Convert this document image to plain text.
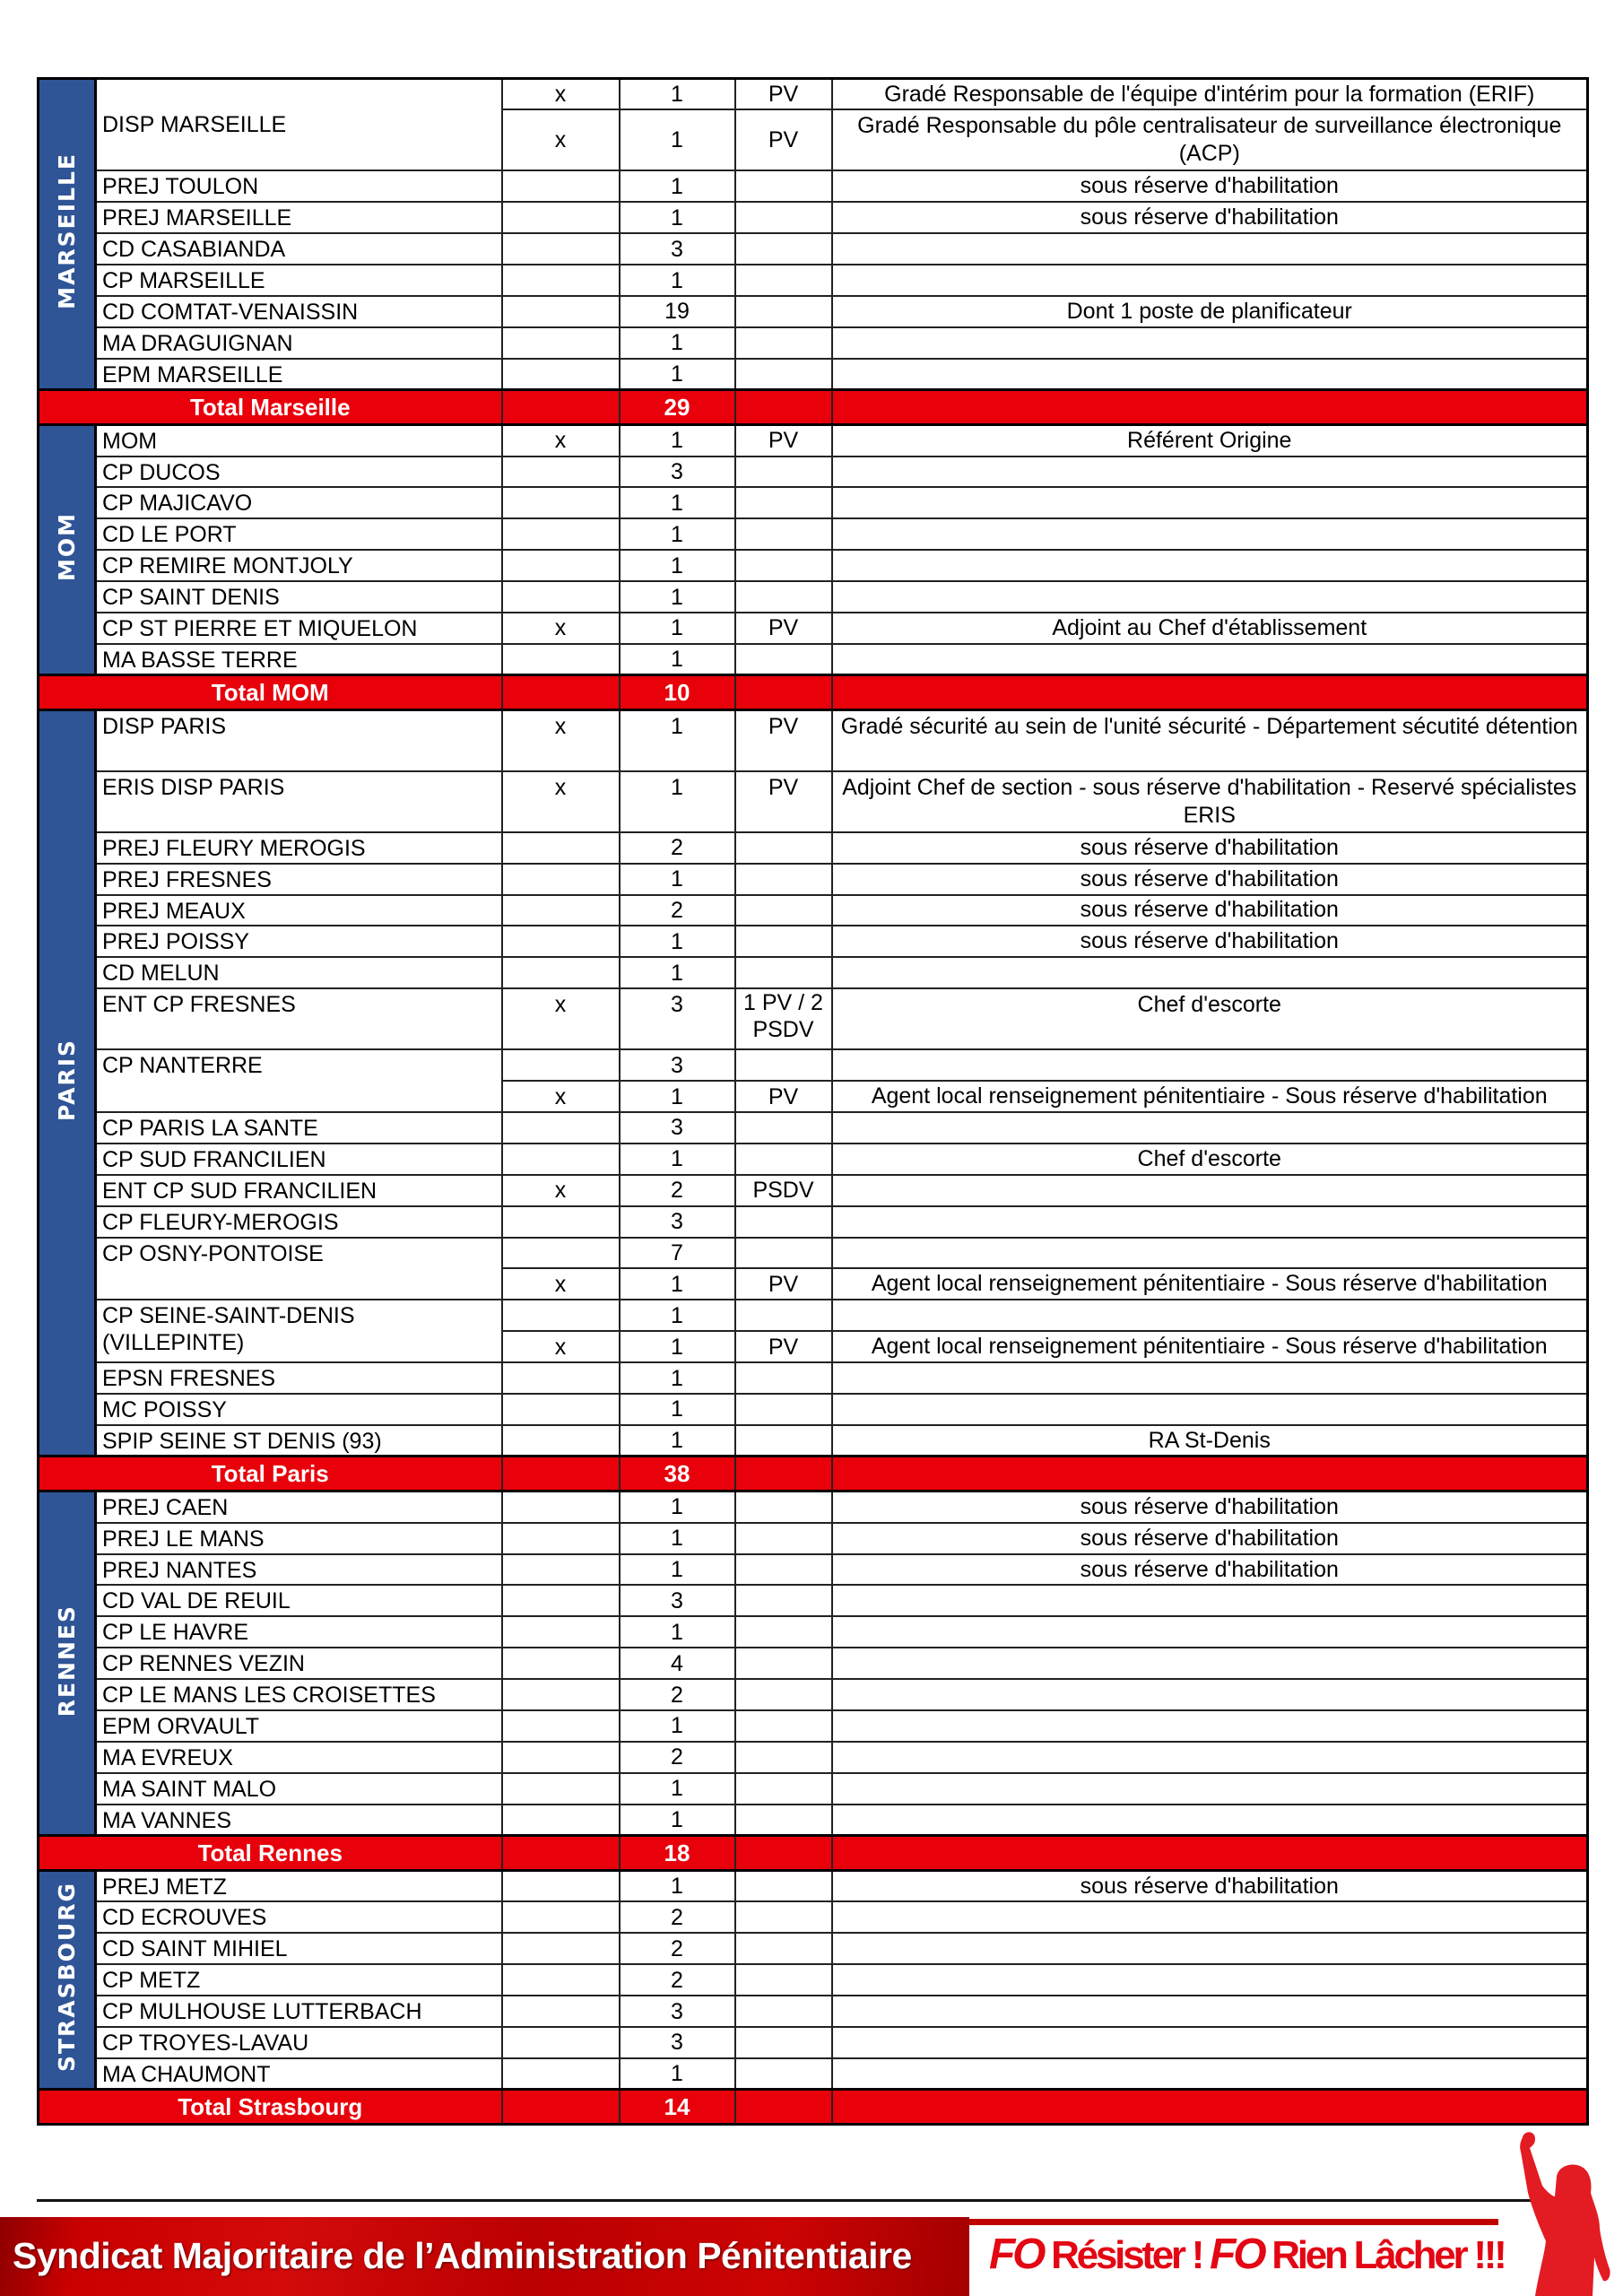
MARSEILLE	DISP MARSEILLE	x	1	PV	Gradé Responsable de l'équipe d'intérim pour la formation (ERIF)
		x	1	PV	Gradé Responsable du pôle centralisateur de surveillance électronique (ACP)
	PREJ TOULON		1		sous réserve d'habilitation
	PREJ MARSEILLE		1		sous réserve d'habilitation
	CD CASABIANDA		3		
	CP MARSEILLE		1		
	CD COMTAT-VENAISSIN		19		Dont 1 poste de planificateur
	MA DRAGUIGNAN		1		
	EPM MARSEILLE		1		
Total Marseille			29		
MOM	MOM	x	1	PV	Référent Origine
	CP DUCOS		3		
	CP MAJICAVO		1		
	CD LE PORT		1		
	CP REMIRE MONTJOLY		1		
	CP SAINT DENIS		1		
	CP ST PIERRE ET MIQUELON	x	1	PV	Adjoint au Chef d'établissement
	MA BASSE TERRE		1		
Total MOM			10		
PARIS	DISP PARIS	x	1	PV	Gradé sécurité au sein de l'unité sécurité - Département sécutité détention
	ERIS DISP PARIS	x	1	PV	Adjoint Chef de section - sous réserve d'habilitation - Reservé spécialistes ERIS
	PREJ FLEURY MEROGIS		2		sous réserve d'habilitation
	PREJ FRESNES		1		sous réserve d'habilitation
	PREJ MEAUX		2		sous réserve d'habilitation
	PREJ POISSY		1		sous réserve d'habilitation
	CD MELUN		1		
	ENT CP FRESNES	x	3	1 PV / 2 PSDV	Chef d'escorte
	CP NANTERRE		3		
		x	1	PV	Agent local renseignement pénitentiaire - Sous réserve d'habilitation
	CP PARIS LA SANTE		3		
	CP SUD FRANCILIEN		1		Chef d'escorte
	ENT CP SUD FRANCILIEN	x	2	PSDV	
	CP FLEURY-MEROGIS		3		
	CP OSNY-PONTOISE		7		
		x	1	PV	Agent local renseignement pénitentiaire - Sous réserve d'habilitation
	CP SEINE-SAINT-DENIS (VILLEPINTE)		1		
		x	1	PV	Agent local renseignement pénitentiaire - Sous réserve d'habilitation
	EPSN FRESNES		1		
	MC POISSY		1		
	SPIP SEINE ST DENIS (93)		1		RA St-Denis
Total Paris			38		
RENNES	PREJ CAEN		1		sous réserve d'habilitation
	PREJ LE MANS		1		sous réserve d'habilitation
	PREJ NANTES		1		sous réserve d'habilitation
	CD VAL DE REUIL		3		
	CP LE HAVRE		1		
	CP RENNES VEZIN		4		
	CP LE MANS LES CROISETTES		2		
	EPM ORVAULT		1		
	MA EVREUX		2		
	MA SAINT MALO		1		
	MA VANNES		1		
Total Rennes			18		
STRASBOURG	PREJ METZ		1		sous réserve d'habilitation
	CD ECROUVES		2		
	CD SAINT MIHIEL		2		
	CP METZ		2		
	CP MULHOUSE LUTTERBACH		3		
	CP TROYES-LAVAU		3		
	MA CHAUMONT		1		
Total Strasbourg			14		
Syndicat Majoritaire de l’Administration Pénitentiaire FO Résister ! FO Rien Lâcher !!!
